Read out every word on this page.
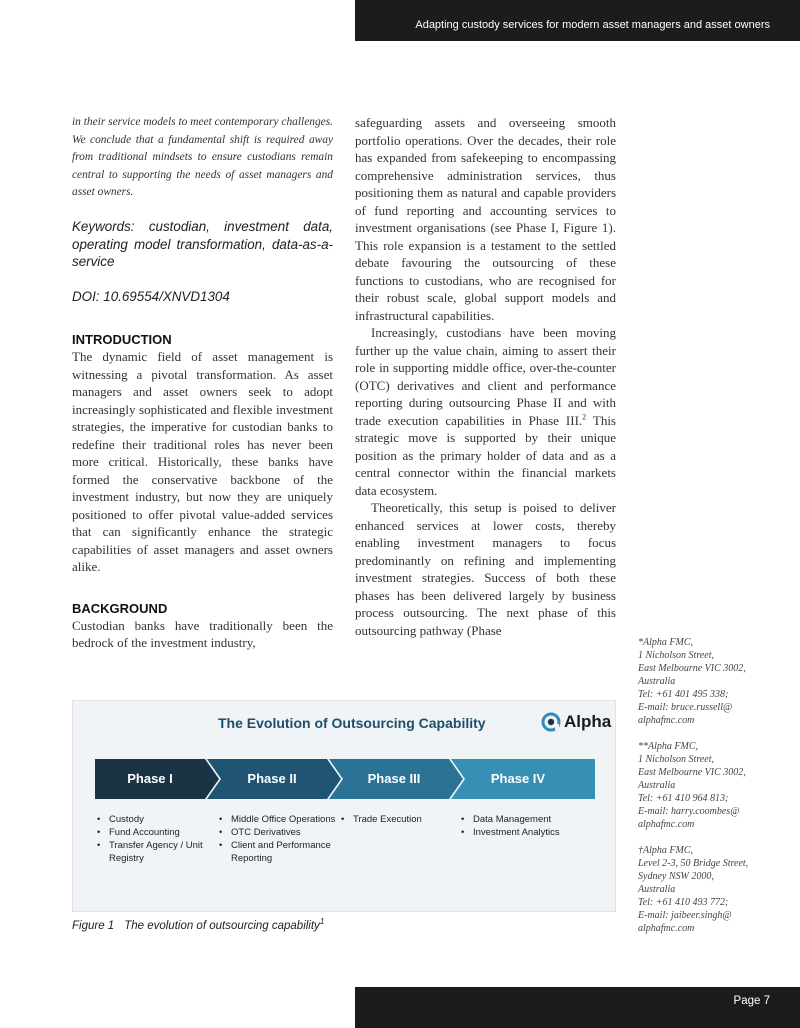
Adapting custody services for modern asset managers and asset owners

in their service models to meet contemporary challenges. We conclude that a fundamental shift is required away from traditional mindsets to ensure custodians remain central to supporting the needs of asset managers and asset owners.

Keywords: custodian, investment data, operating model transformation, data-as-a-service

DOI: 10.69554/XNVD1304

INTRODUCTION

The dynamic field of asset management is witnessing a pivotal transformation. As asset managers and asset owners seek to adopt increasingly sophisticated and flexible investment strategies, the imperative for custodian banks to redefine their traditional roles has never been more critical. Historically, these banks have formed the conservative backbone of the investment industry, but now they are uniquely positioned to offer pivotal value-added services that can significantly enhance the strategic capabilities of asset managers and asset owners alike.

BACKGROUND

Custodian banks have traditionally been the bedrock of the investment industry,

safeguarding assets and overseeing smooth portfolio operations. Over the decades, their role has expanded from safekeeping to encompassing comprehensive administration services, thus positioning them as natural and capable providers of fund reporting and accounting services to investment organisations (see Phase I, Figure 1). This role expansion is a testament to the settled debate favouring the outsourcing of these functions to custodians, who are recognised for their robust scale, global support models and infrastructural capabilities.

Increasingly, custodians have been moving further up the value chain, aiming to assert their role in supporting middle office, over-the-counter (OTC) derivatives and client and performance reporting during outsourcing Phase II and with trade execution capabilities in Phase III.$^2$ This strategic move is supported by their unique position as the primary holder of data and as a central connector within the financial markets data ecosystem.

Theoretically, this setup is poised to deliver enhanced services at lower costs, thereby enabling investment managers to focus predominantly on refining and implementing investment strategies. Success of both these phases has been delivered largely by business process outsourcing. The next phase of this outsourcing pathway (Phase

*Alpha FMC,
1 Nicholson Street,
East Melbourne VIC 3002,
Australia
Tel: +61 401 495 338;
E-mail: bruce.russell@
alphafmc.com
**Alpha FMC,
1 Nicholson Street,
East Melbourne VIC 3002,
Australia
Tel: +61 410 964 813;
E-mail: harry.coombes@
alphafmc.com
†Alpha FMC,
Level 2-3, 50 Bridge Street,
Sydney NSW 2000,
Australia
Tel: +61 410 493 772;
E-mail: jaibeer.singh@
alphafmc.com
The Evolution of Outsourcing Capability	Alpha
Phase I	Phase II	Phase III	Phase IV
• Custody
• Fund Accounting
• Transfer Agency / Unit Registry
• Middle Office Operations
• OTC Derivatives
• Client and Performance Reporting
• Trade Execution
•	Data Management
• Investment Analytics
Figure 1 The evolution of outsourcing capability$^1$
Page 7
